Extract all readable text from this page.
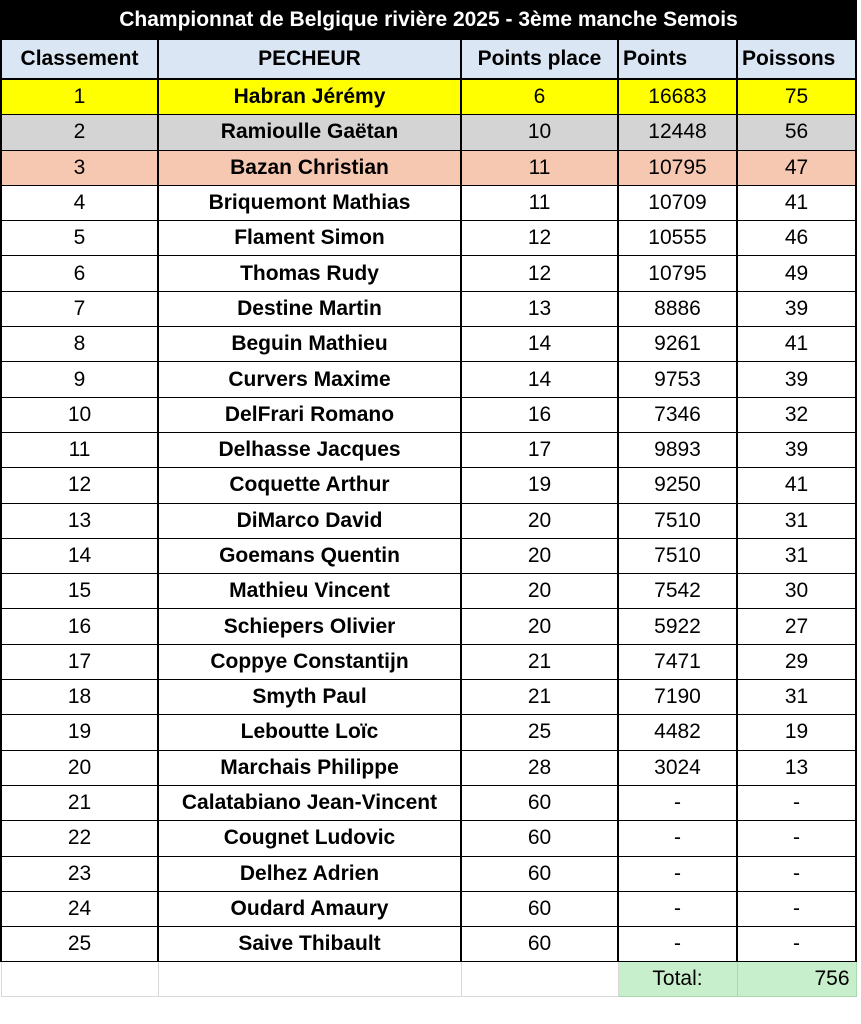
Championnat de Belgique rivière 2025 - 3ème manche Semois				
Classement	PECHEUR	Points place	Points	Poissons
1	Habran Jérémy	6	16683	75
2	Ramioulle Gaëtan	10	12448	56
3	Bazan Christian	11	10795	47
4	Briquemont Mathias	11	10709	41
5	Flament Simon	12	10555	46
6	Thomas Rudy	12	10795	49
7	Destine Martin	13	8886	39
8	Beguin Mathieu	14	9261	41
9	Curvers Maxime	14	9753	39
10	DelFrari Romano	16	7346	32
11	Delhasse Jacques	17	9893	39
12	Coquette Arthur	19	9250	41
13	DiMarco David	20	7510	31
14	Goemans Quentin	20	7510	31
15	Mathieu Vincent	20	7542	30
16	Schiepers Olivier	20	5922	27
17	Coppye Constantijn	21	7471	29
18	Smyth Paul	21	7190	31
19	Leboutte Loïc	25	4482	19
20	Marchais Philippe	28	3024	13
21	Calatabiano Jean-Vincent	60	-	-
22	Cougnet Ludovic	60	-	-
23	Delhez Adrien	60	-	-
24	Oudard Amaury	60	-	-
25	Saive Thibault	60	-	-
			Total:	756
